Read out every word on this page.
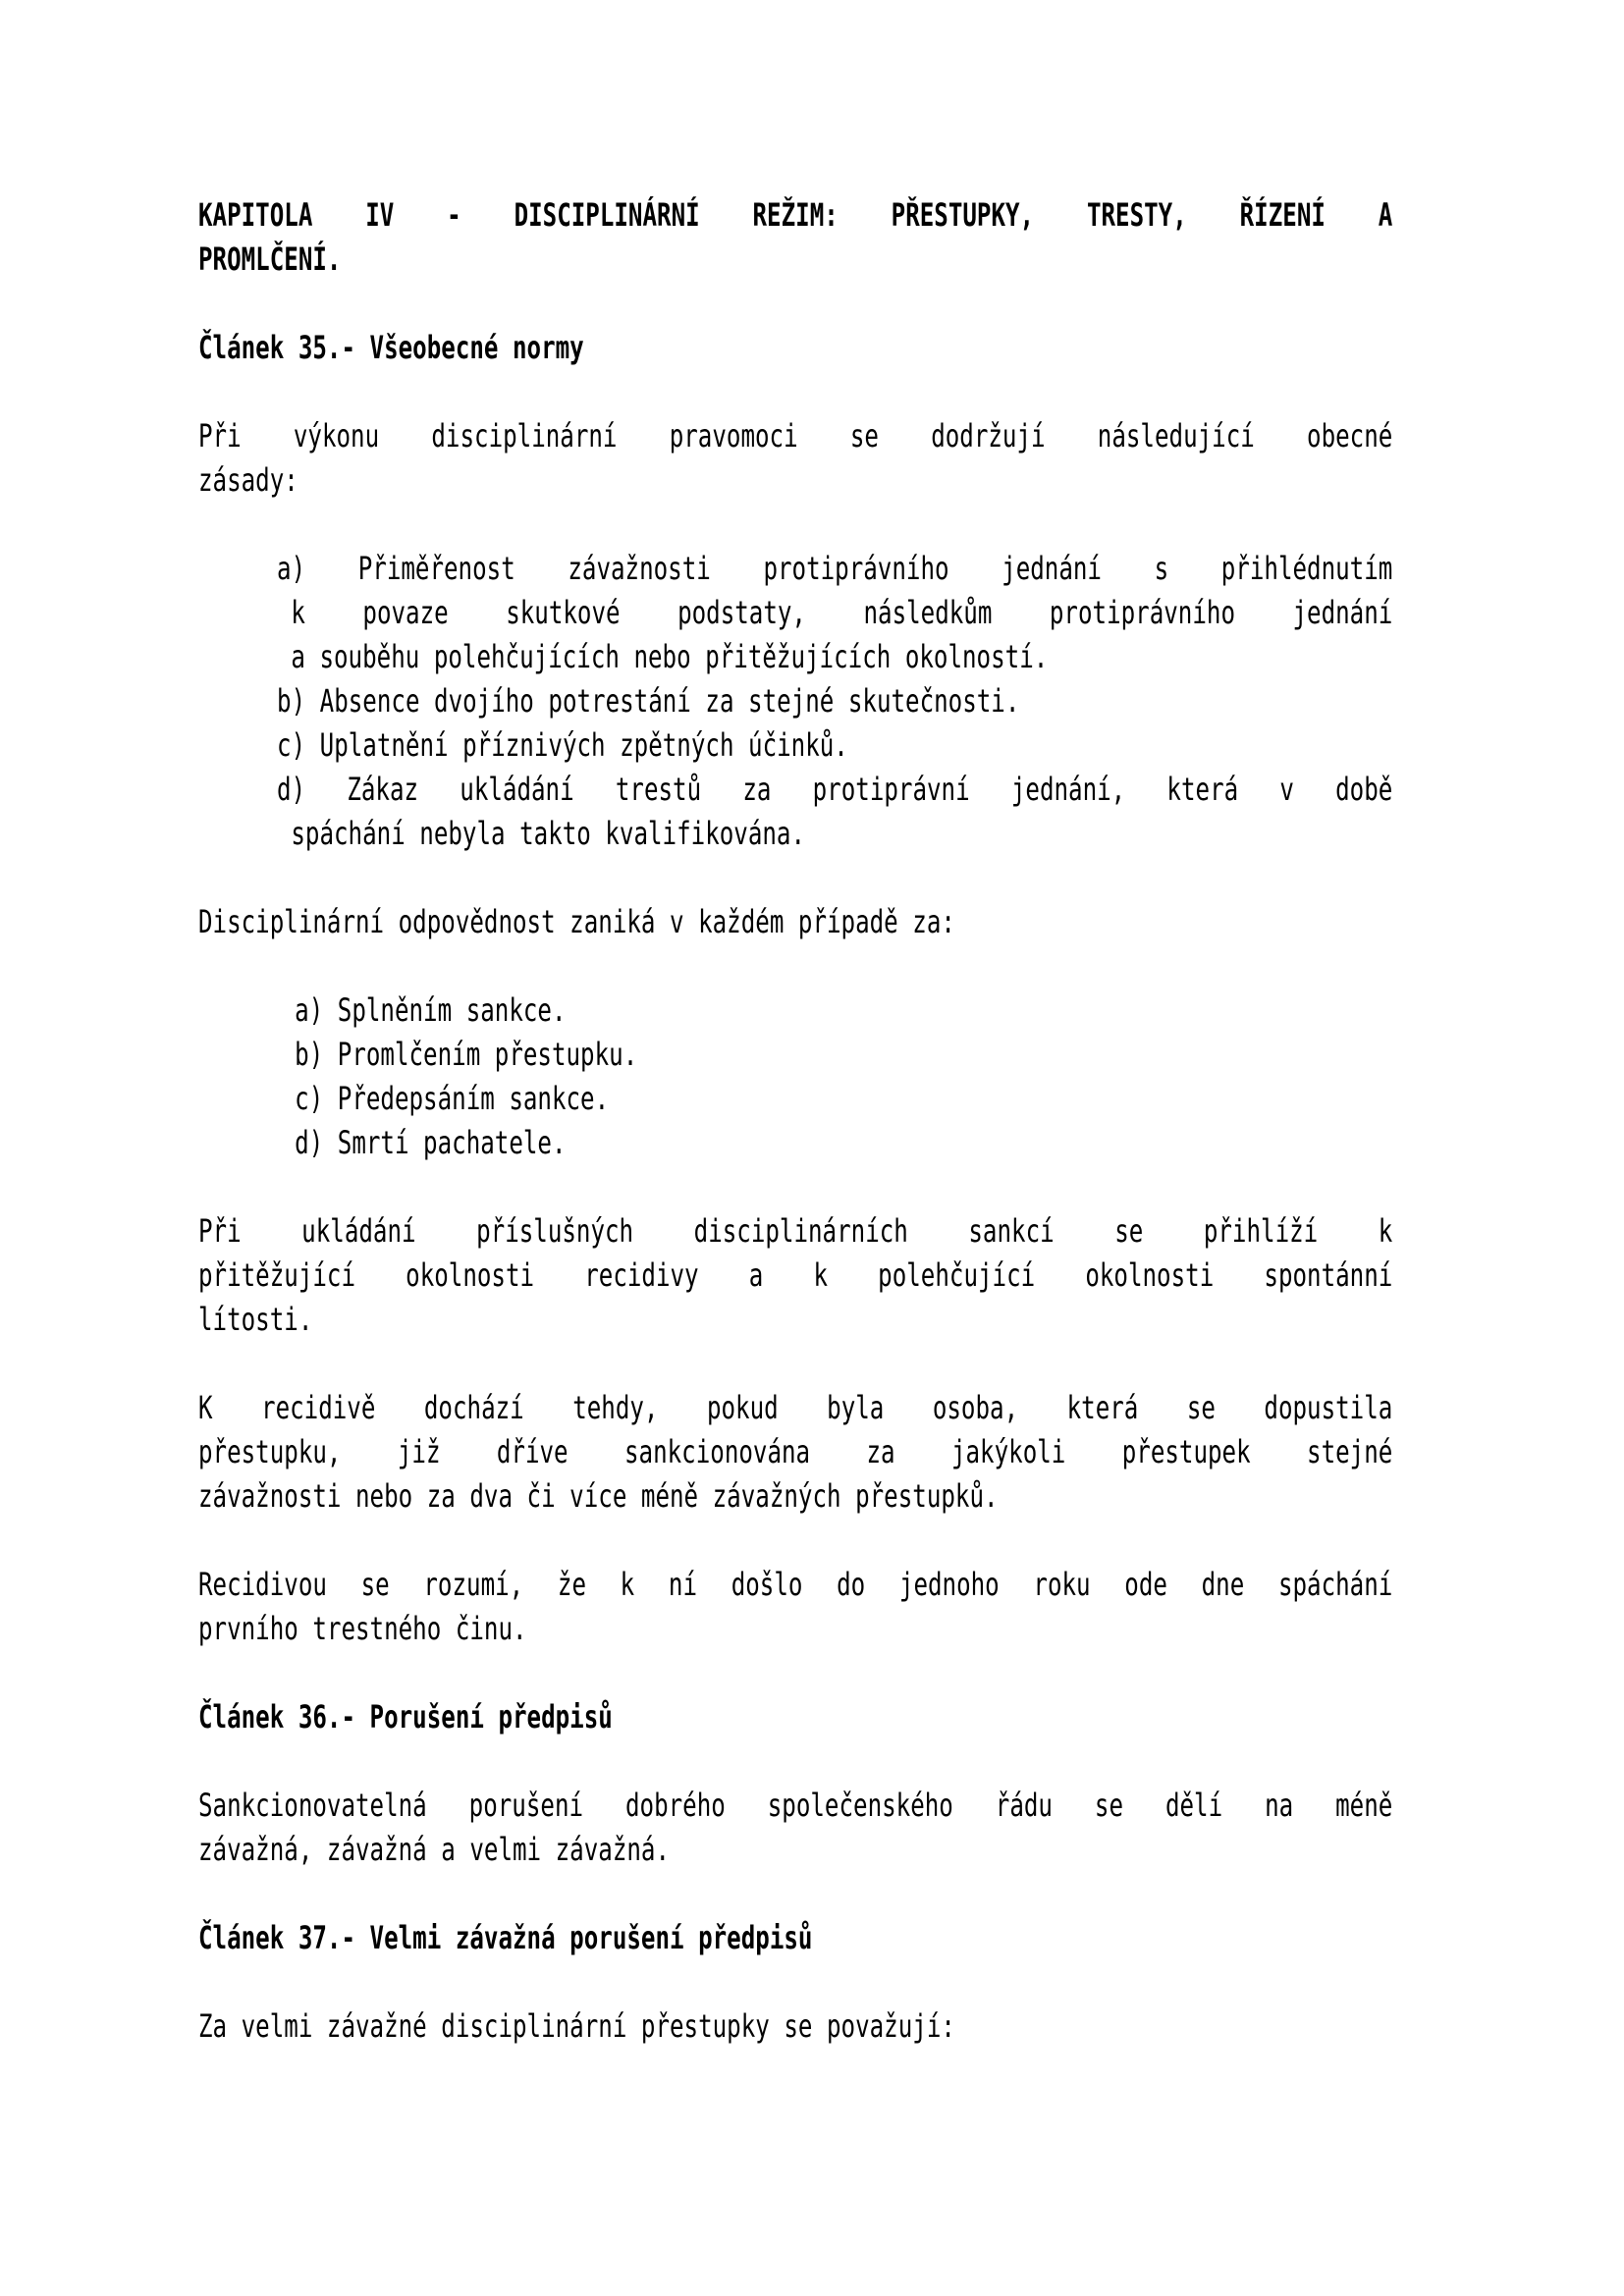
KAPITOLA IV - DISCIPLINÁRNÍ REŽIM: PŘESTUPKY, TRESTY, ŘÍZENÍ A
PROMLČENÍ.
Článek 35.- Všeobecné normy
Při výkonu disciplinární pravomoci se dodržují následující obecné
zásady:
a) Přiměřenost závažnosti protiprávního jednání s přihlédnutím
k povaze skutkové podstaty, následkům protiprávního jednání
a souběhu polehčujících nebo přitěžujících okolností.
b) Absence dvojího potrestání za stejné skutečnosti.
c) Uplatnění příznivých zpětných účinků.
d) Zákaz ukládání trestů za protiprávní jednání, která v době
spáchání nebyla takto kvalifikována.
Disciplinární odpovědnost zaniká v každém případě za:
a) Splněním sankce.
b) Promlčením přestupku.
c) Předepsáním sankce.
d) Smrtí pachatele.
Při ukládání příslušných disciplinárních sankcí se přihlíží k
přitěžující okolnosti recidivy a k polehčující okolnosti spontánní
lítosti.
K recidivě dochází tehdy, pokud byla osoba, která se dopustila
přestupku, již dříve sankcionována za jakýkoli přestupek stejné
závažnosti nebo za dva či více méně závažných přestupků.
Recidivou se rozumí, že k ní došlo do jednoho roku ode dne spáchání
prvního trestného činu.
Článek 36.- Porušení předpisů
Sankcionovatelná porušení dobrého společenského řádu se dělí na méně
závažná, závažná a velmi závažná.
Článek 37.- Velmi závažná porušení předpisů
Za velmi závažné disciplinární přestupky se považují:
